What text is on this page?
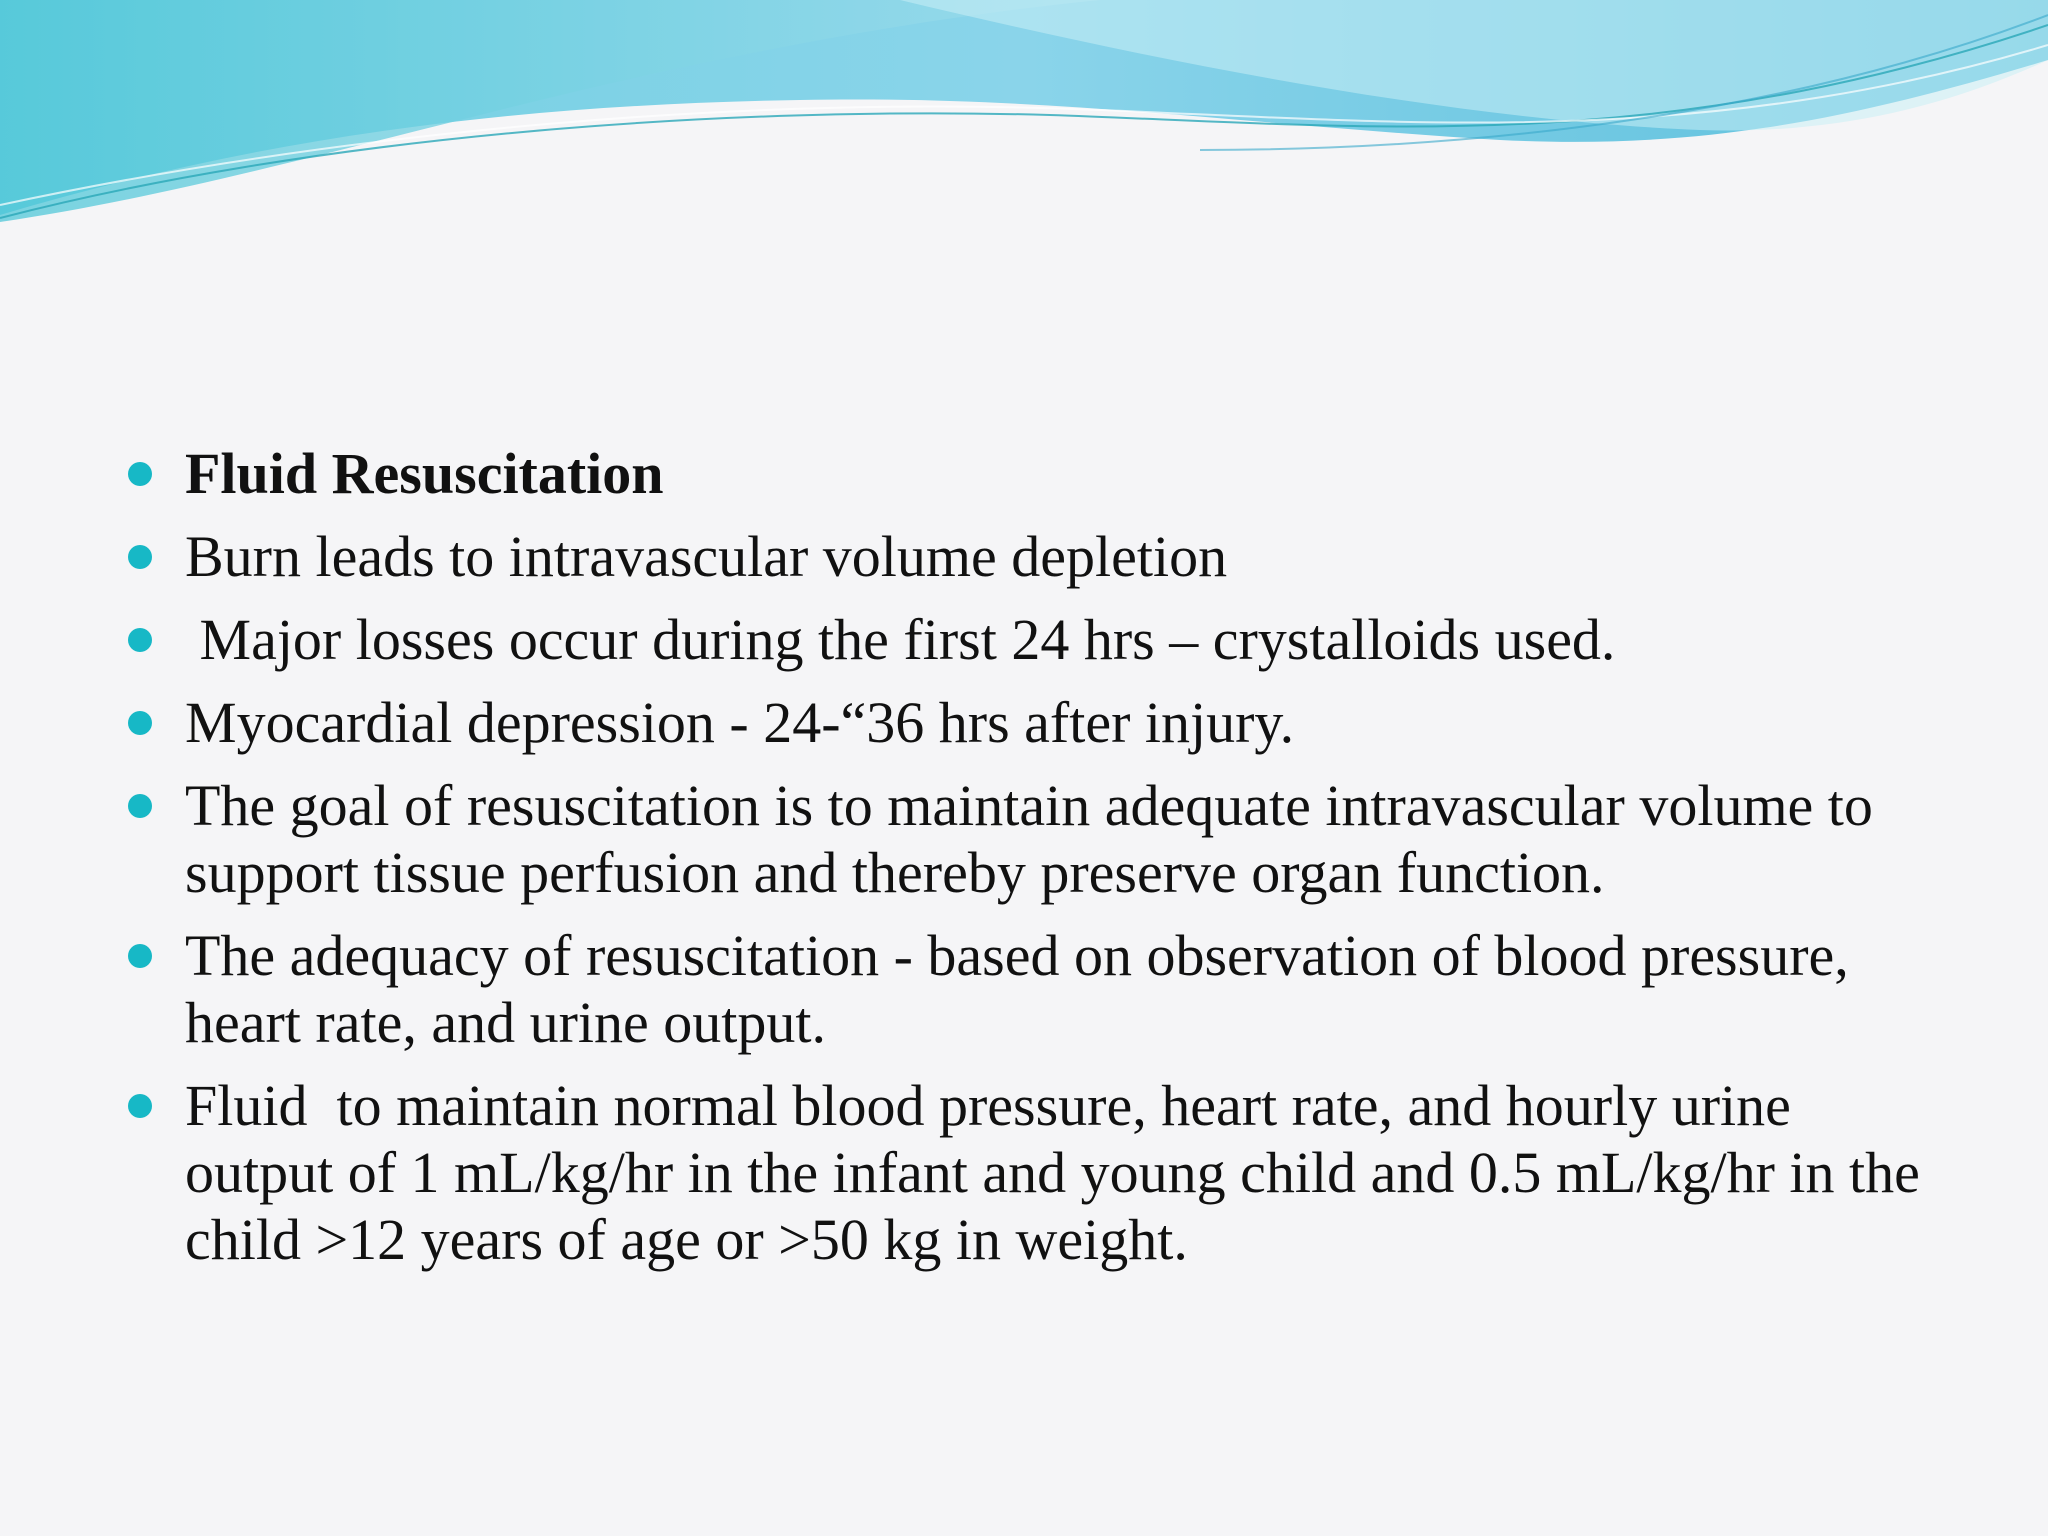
Fluid Resuscitation
Burn leads to intravascular volume depletion
Major losses occur during the first 24 hrs – crystalloids used.
Myocardial depression - 24-“36 hrs after injury.
The goal of resuscitation is to maintain adequate intravascular volume to support tissue perfusion and thereby preserve organ function.
The adequacy of resuscitation - based on observation of blood pressure, heart rate, and urine output.
Fluid  to maintain normal blood pressure, heart rate, and hourly urine output of 1 mL/kg/hr in the infant and young child and 0.5 mL/kg/hr in the child >12 years of age or >50 kg in weight.
